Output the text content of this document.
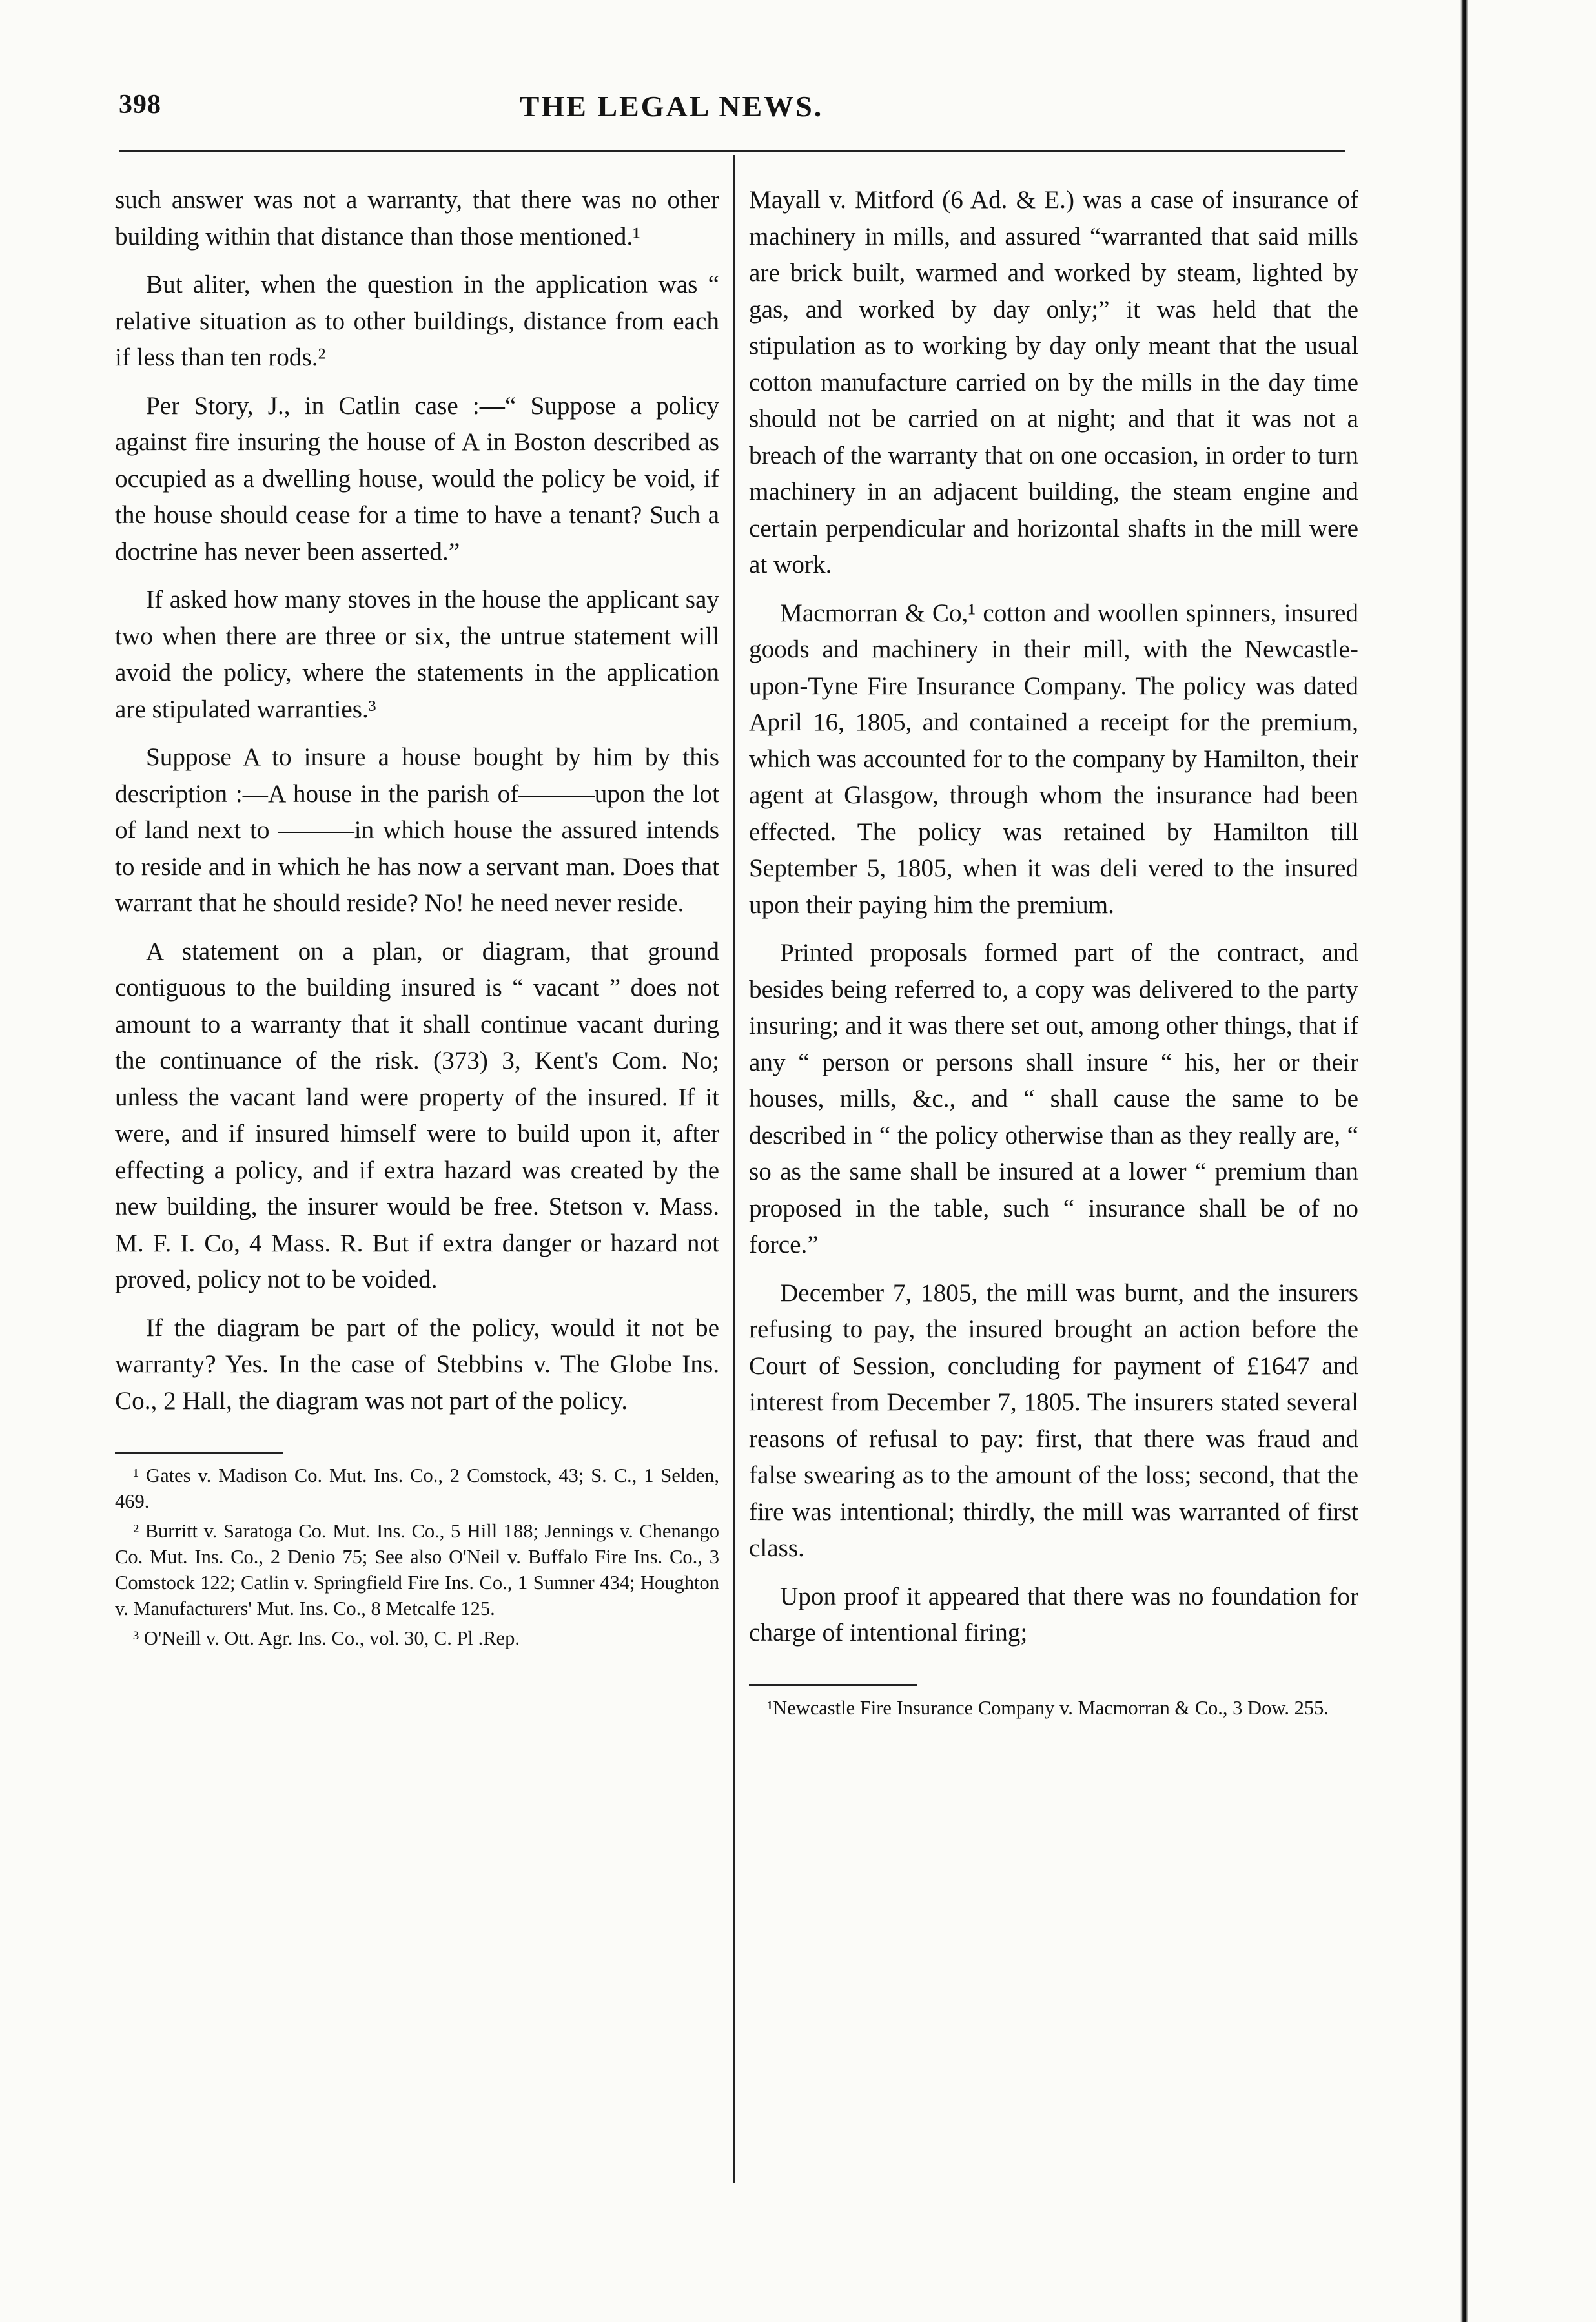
398	THE LEGAL NEWS.

such answer was not a warranty, that there was no other building within that distance than those mentioned.¹

But aliter, when the question in the application was “ relative situation as to other buildings, distance from each if less than ten rods.²

Per Story, J., in Catlin case :—“ Suppose a policy against fire insuring the house of A in Boston described as occupied as a dwelling house, would the policy be void, if the house should cease for a time to have a tenant? Such a doctrine has never been asserted.”

If asked how many stoves in the house the applicant say two when there are three or six, the untrue statement will avoid the policy, where the statements in the application are stipulated warranties.³

Suppose A to insure a house bought by him by this description :—A house in the parish of———upon the lot of land next to ———in which house the assured intends to reside and in which he has now a servant man. Does that warrant that he should reside? No! he need never reside.

A statement on a plan, or diagram, that ground contiguous to the building insured is “ vacant ” does not amount to a warranty that it shall continue vacant during the continuance of the risk. (373) 3, Kent's Com. No; unless the vacant land were property of the insured. If it were, and if insured himself were to build upon it, after effecting a policy, and if extra hazard was created by the new building, the insurer would be free. Stetson v. Mass. M. F. I. Co, 4 Mass. R. But if extra danger or hazard not proved, policy not to be voided.

If the diagram be part of the policy, would it not be warranty? Yes. In the case of Stebbins v. The Globe Ins. Co., 2 Hall, the diagram was not part of the policy.

¹ Gates v. Madison Co. Mut. Ins. Co., 2 Comstock, 43; S. C., 1 Selden, 469.

² Burritt v. Saratoga Co. Mut. Ins. Co., 5 Hill 188; Jennings v. Chenango Co. Mut. Ins. Co., 2 Denio 75; See also O'Neil v. Buffalo Fire Ins. Co., 3 Comstock 122; Catlin v. Springfield Fire Ins. Co., 1 Sumner 434; Houghton v. Manufacturers' Mut. Ins. Co., 8 Metcalfe 125.

³ O'Neill v. Ott. Agr. Ins. Co., vol. 30, C. Pl .Rep.

Mayall v. Mitford (6 Ad. & E.) was a case of insurance of machinery in mills, and assured “warranted that said mills are brick built, warmed and worked by steam, lighted by gas, and worked by day only;” it was held that the stipulation as to working by day only meant that the usual cotton manufacture carried on by the mills in the day time should not be carried on at night; and that it was not a breach of the warranty that on one occasion, in order to turn machinery in an adjacent building, the steam engine and certain perpendicular and horizontal shafts in the mill were at work.

Macmorran & Co,¹ cotton and woollen spinners, insured goods and machinery in their mill, with the Newcastle-upon-Tyne Fire Insurance Company. The policy was dated April 16, 1805, and contained a receipt for the premium, which was accounted for to the company by Hamilton, their agent at Glasgow, through whom the insurance had been effected. The policy was retained by Hamilton till September 5, 1805, when it was deli vered to the insured upon their paying him the premium.

Printed proposals formed part of the contract, and besides being referred to, a copy was delivered to the party insuring; and it was there set out, among other things, that if any “ person or persons shall insure “ his, her or their houses, mills, &c., and “ shall cause the same to be described in “ the policy otherwise than as they really are, “ so as the same shall be insured at a lower “ premium than proposed in the table, such “ insurance shall be of no force.”

December 7, 1805, the mill was burnt, and the insurers refusing to pay, the insured brought an action before the Court of Session, concluding for payment of £1647 and interest from December 7, 1805. The insurers stated several reasons of refusal to pay: first, that there was fraud and false swearing as to the amount of the loss; second, that the fire was intentional; thirdly, the mill was warranted of first class.

Upon proof it appeared that there was no foundation for charge of intentional firing;

¹Newcastle Fire Insurance Company v. Macmorran & Co., 3 Dow. 255.
